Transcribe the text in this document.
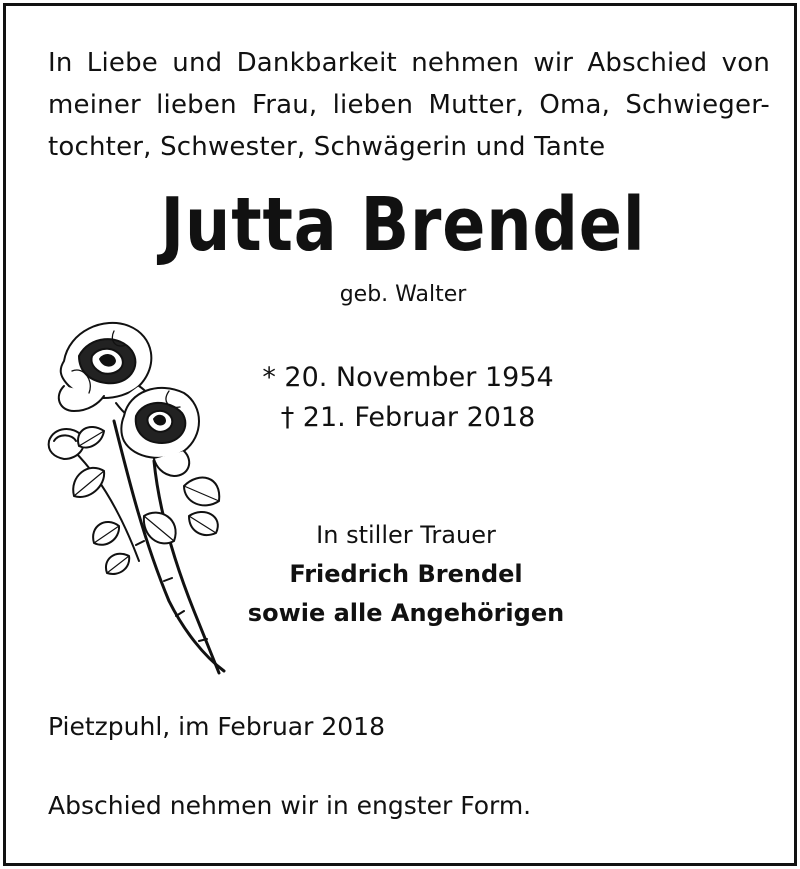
In Liebe und Dankbarkeit nehmen wir Abschied von
meiner lieben Frau, lieben Mutter, Oma, Schwieger-
tochter, Schwester, Schwägerin und Tante
Jutta Brendel
geb. Walter
* 20. November 1954
† 21. Februar 2018
In stiller Trauer
Friedrich Brendel
sowie alle Angehörigen
Pietzpuhl, im Februar 2018
Abschied nehmen wir in engster Form.
